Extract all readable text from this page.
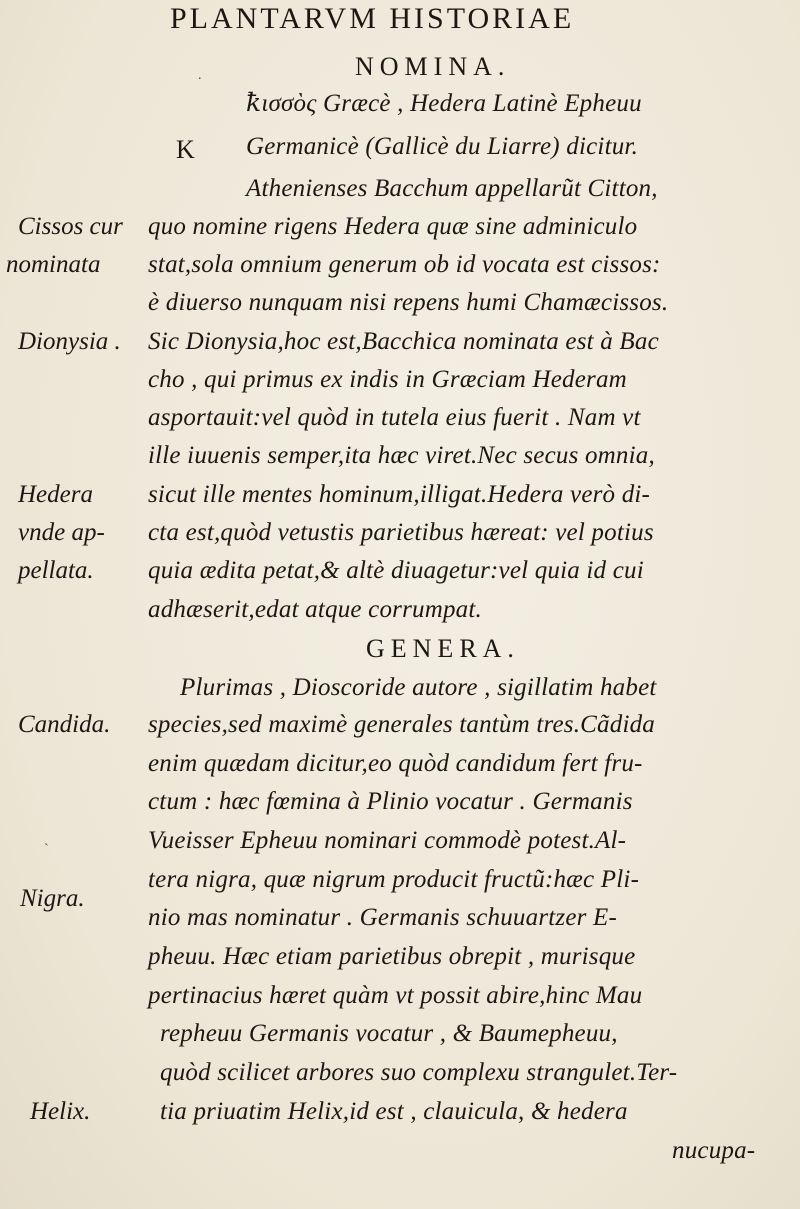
PLANTARVM HISTORIAE
.	NOMINA.
K
ꝁισσὸς Græcè , Hedera Latinè Epheuu
Germanicè (Gallicè du Liarre) dicitur.
Athenienses Bacchum appellarũt Citton,
quo nomine rigens Hedera quæ sine adminiculo
stat,sola omnium generum ob id vocata est cissos:
è diuerso nunquam nisi repens humi Chamæcissos.
Sic Dionysia,hoc est,Bacchica nominata est à Bac
cho , qui primus ex indis in Græciam Hederam
asportauit:vel quòd in tutela eius fuerit . Nam vt
ille iuuenis semper,ita hæc viret.Nec secus omnia,
sicut ille mentes hominum,illigat.Hedera verò di-
cta est,quòd vetustis parietibus hæreat: vel potius
quia ædita petat,& altè diuagetur:vel quia id cui
adhæserit,edat atque corrumpat.
GENERA.
Plurimas , Dioscoride autore , sigillatim habet
species,sed maximè generales tantùm tres.Cãdida
enim quædam dicitur,eo quòd candidum fert fru-
ctum : hæc fœmina à Plinio vocatur . Germanis
Vueisser Epheuu nominari commodè potest.Al-
tera nigra, quæ nigrum producit fructũ:hæc Pli-
nio mas nominatur . Germanis schuuartzer E-
pheuu. Hæc etiam parietibus obrepit , murisque
pertinacius hæret quàm vt possit abire,hinc Mau
repheuu Germanis vocatur , & Baumepheuu,
quòd scilicet arbores suo complexu strangulet.Ter-
tia priuatim Helix,id est , clauicula, & hedera
nucupa-
Cissos cur
nominata
Dionysia .
Hedera
vnde ap-
pellata.
Candida.
`
Nigra.
Helix.
